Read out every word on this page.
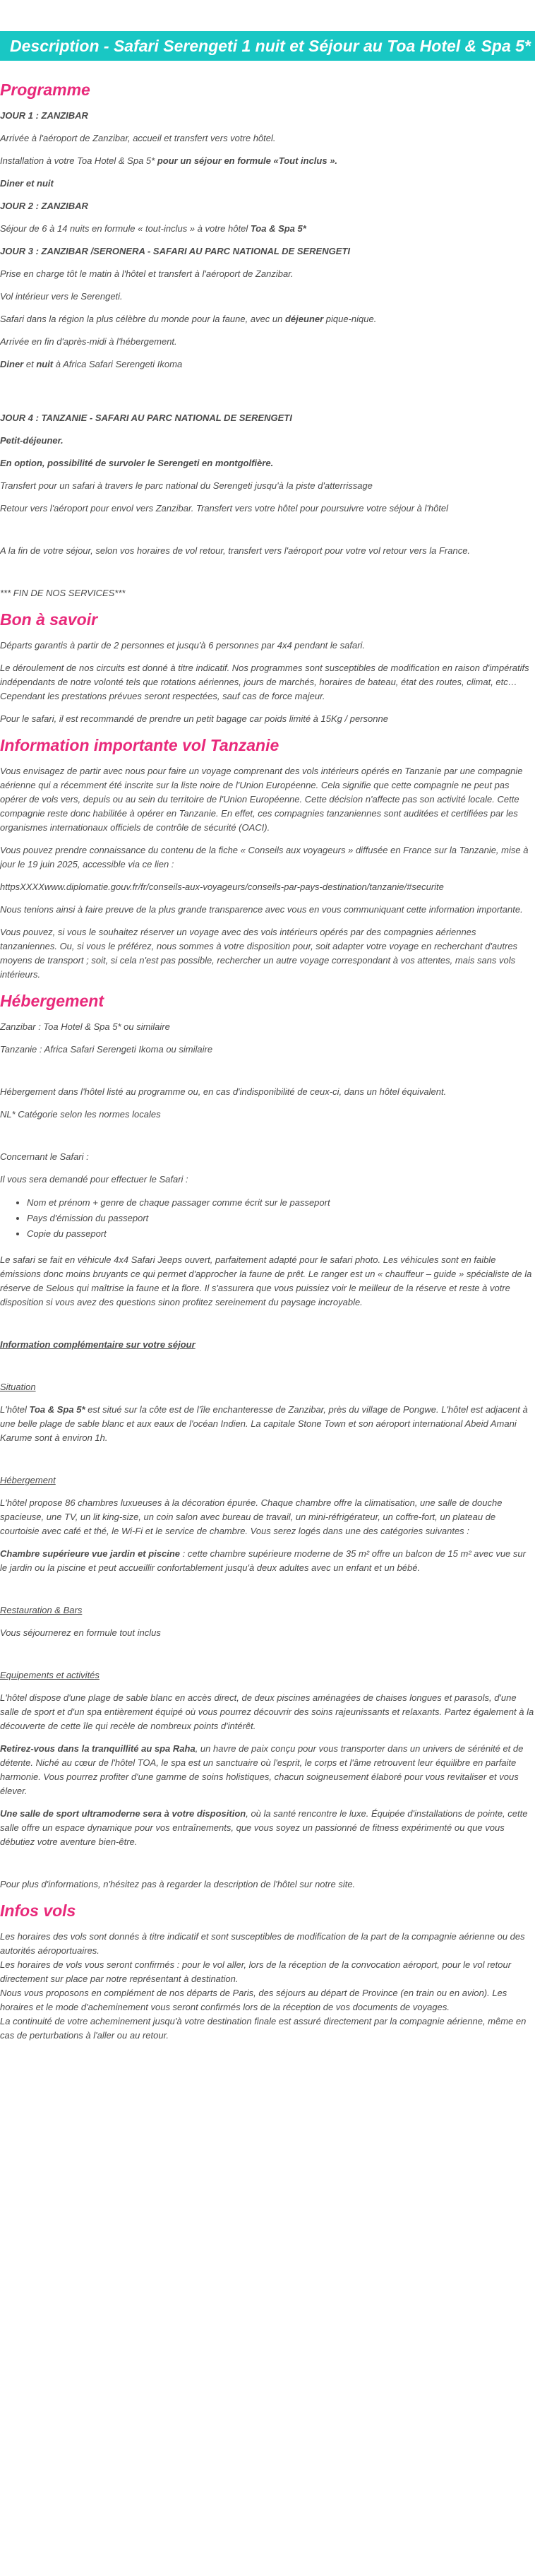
Description - Safari Serengeti 1 nuit et Séjour au Toa Hotel & Spa 5*
Programme

JOUR 1 : ZANZIBAR

Arrivée à l'aéroport de Zanzibar, accueil et transfert vers votre hôtel.

Installation à votre Toa Hotel & Spa 5* pour un séjour en formule «Tout inclus ».

Diner et nuit

JOUR 2 : ZANZIBAR

Séjour de 6 à 14 nuits en formule « tout-inclus » à votre hôtel Toa & Spa 5*

JOUR 3 : ZANZIBAR /SERONERA - SAFARI AU PARC NATIONAL DE SERENGETI

Prise en charge tôt le matin à l'hôtel et transfert à l'aéroport de Zanzibar.

Vol intérieur vers le Serengeti.

Safari dans la région la plus célèbre du monde pour la faune, avec un déjeuner pique-nique.

Arrivée en fin d'après-midi à l'hébergement.

Diner et nuit à Africa Safari Serengeti Ikoma

JOUR 4 : TANZANIE - SAFARI AU PARC NATIONAL DE SERENGETI

Petit-déjeuner.

En option, possibilité de survoler le Serengeti en montgolfière.

Transfert pour un safari à travers le parc national du Serengeti jusqu'à la piste d'atterrissage

Retour vers l'aéroport pour envol vers Zanzibar. Transfert vers votre hôtel pour poursuivre votre séjour à l'hôtel

A la fin de votre séjour, selon vos horaires de vol retour, transfert vers l'aéroport pour votre vol retour vers la France.

*** FIN DE NOS SERVICES***

Bon à savoir

Départs garantis à partir de 2 personnes et jusqu'à 6 personnes par 4x4 pendant le safari.

Le déroulement de nos circuits est donné à titre indicatif. Nos programmes sont susceptibles de modification en raison d'impératifs indépendants de notre volonté tels que rotations aériennes, jours de marchés, horaires de bateau, état des routes, climat, etc… Cependant les prestations prévues seront respectées, sauf cas de force majeur.

Pour le safari, il est recommandé de prendre un petit bagage car poids limité à 15Kg / personne

Information importante vol Tanzanie

Vous envisagez de partir avec nous pour faire un voyage comprenant des vols intérieurs opérés en Tanzanie par une compagnie aérienne qui a récemment été inscrite sur la liste noire de l'Union Européenne. Cela signifie que cette compagnie ne peut pas opérer de vols vers, depuis ou au sein du territoire de l'Union Européenne. Cette décision n'affecte pas son activité locale. Cette compagnie reste donc habilitée à opérer en Tanzanie. En effet, ces compagnies tanzaniennes sont auditées et certifiées par les organismes internationaux officiels de contrôle de sécurité (OACI).

Vous pouvez prendre connaissance du contenu de la fiche « Conseils aux voyageurs » diffusée en France sur la Tanzanie, mise à jour le 19 juin 2025, accessible via ce lien :

httpsXXXXwww.diplomatie.gouv.fr/fr/conseils-aux-voyageurs/conseils-par-pays-destination/tanzanie/#securite

Nous tenions ainsi à faire preuve de la plus grande transparence avec vous en vous communiquant cette information importante.

Vous pouvez, si vous le souhaitez réserver un voyage avec des vols intérieurs opérés par des compagnies aériennes tanzaniennes. Ou, si vous le préférez, nous sommes à votre disposition pour, soit adapter votre voyage en recherchant d'autres moyens de transport ; soit, si cela n'est pas possible, rechercher un autre voyage correspondant à vos attentes, mais sans vols intérieurs.

Hébergement

Zanzibar : Toa Hotel & Spa 5* ou similaire

Tanzanie : Africa Safari Serengeti Ikoma ou similaire

Hébergement dans l'hôtel listé au programme ou, en cas d'indisponibilité de ceux-ci, dans un hôtel équivalent.

NL* Catégorie selon les normes locales

Concernant le Safari :

Il vous sera demandé pour effectuer le Safari :

• Nom et prénom + genre de chaque passager comme écrit sur le passeport
• Pays d'émission du passeport
• Copie du passeport

Le safari se fait en véhicule 4x4 Safari Jeeps ouvert, parfaitement adapté pour le safari photo. Les véhicules sont en faible émissions donc moins bruyants ce qui permet d'approcher la faune de prêt. Le ranger est un « chauffeur – guide » spécialiste de la réserve de Selous qui maîtrise la faune et la flore. Il s'assurera que vous puissiez voir le meilleur de la réserve et reste à votre disposition si vous avez des questions sinon profitez sereinement du paysage incroyable.

Information complémentaire sur votre séjour

Situation

L'hôtel Toa & Spa 5* est situé sur la côte est de l'île enchanteresse de Zanzibar, près du village de Pongwe. L'hôtel est adjacent à une belle plage de sable blanc et aux eaux de l'océan Indien. La capitale Stone Town et son aéroport international Abeid Amani Karume sont à environ 1h.

Hébergement

L'hôtel propose 86 chambres luxueuses à la décoration épurée. Chaque chambre offre la climatisation, une salle de douche spacieuse, une TV, un lit king-size, un coin salon avec bureau de travail, un mini-réfrigérateur, un coffre-fort, un plateau de courtoisie avec café et thé, le Wi-Fi et le service de chambre. Vous serez logés dans une des catégories suivantes :

Chambre supérieure vue jardin et piscine : cette chambre supérieure moderne de 35 m² offre un balcon de 15 m² avec vue sur le jardin ou la piscine et peut accueillir confortablement jusqu'à deux adultes avec un enfant et un bébé.

Restauration & Bars

Vous séjournerez en formule tout inclus

Equipements et activités

L'hôtel dispose d'une plage de sable blanc en accès direct, de deux piscines aménagées de chaises longues et parasols, d'une salle de sport et d'un spa entièrement équipé où vous pourrez découvrir des soins rajeunissants et relaxants. Partez également à la découverte de cette île qui recèle de nombreux points d'intérêt.

Retirez-vous dans la tranquillité au spa Raha, un havre de paix conçu pour vous transporter dans un univers de sérénité et de détente. Niché au cœur de l'hôtel TOA, le spa est un sanctuaire où l'esprit, le corps et l'âme retrouvent leur équilibre en parfaite harmonie. Vous pourrez profiter d'une gamme de soins holistiques, chacun soigneusement élaboré pour vous revitaliser et vous élever.

Une salle de sport ultramoderne sera à votre disposition, où la santé rencontre le luxe. Équipée d'installations de pointe, cette salle offre un espace dynamique pour vos entraînements, que vous soyez un passionné de fitness expérimenté ou que vous débutiez votre aventure bien-être.

Pour plus d'informations, n'hésitez pas à regarder la description de l'hôtel sur notre site.

Infos vols

Les horaires des vols sont donnés à titre indicatif et sont susceptibles de modification de la part de la compagnie aérienne ou des autorités aéroportuaires.

Les horaires de vols vous seront confirmés : pour le vol aller, lors de la réception de la convocation aéroport, pour le vol retour directement sur place par notre représentant à destination.

Nous vous proposons en complément de nos départs de Paris, des séjours au départ de Province (en train ou en avion). Les horaires et le mode d'acheminement vous seront confirmés lors de la réception de vos documents de voyages.

La continuité de votre acheminement jusqu'à votre destination finale est assuré directement par la compagnie aérienne, même en cas de perturbations à l'aller ou au retour.
